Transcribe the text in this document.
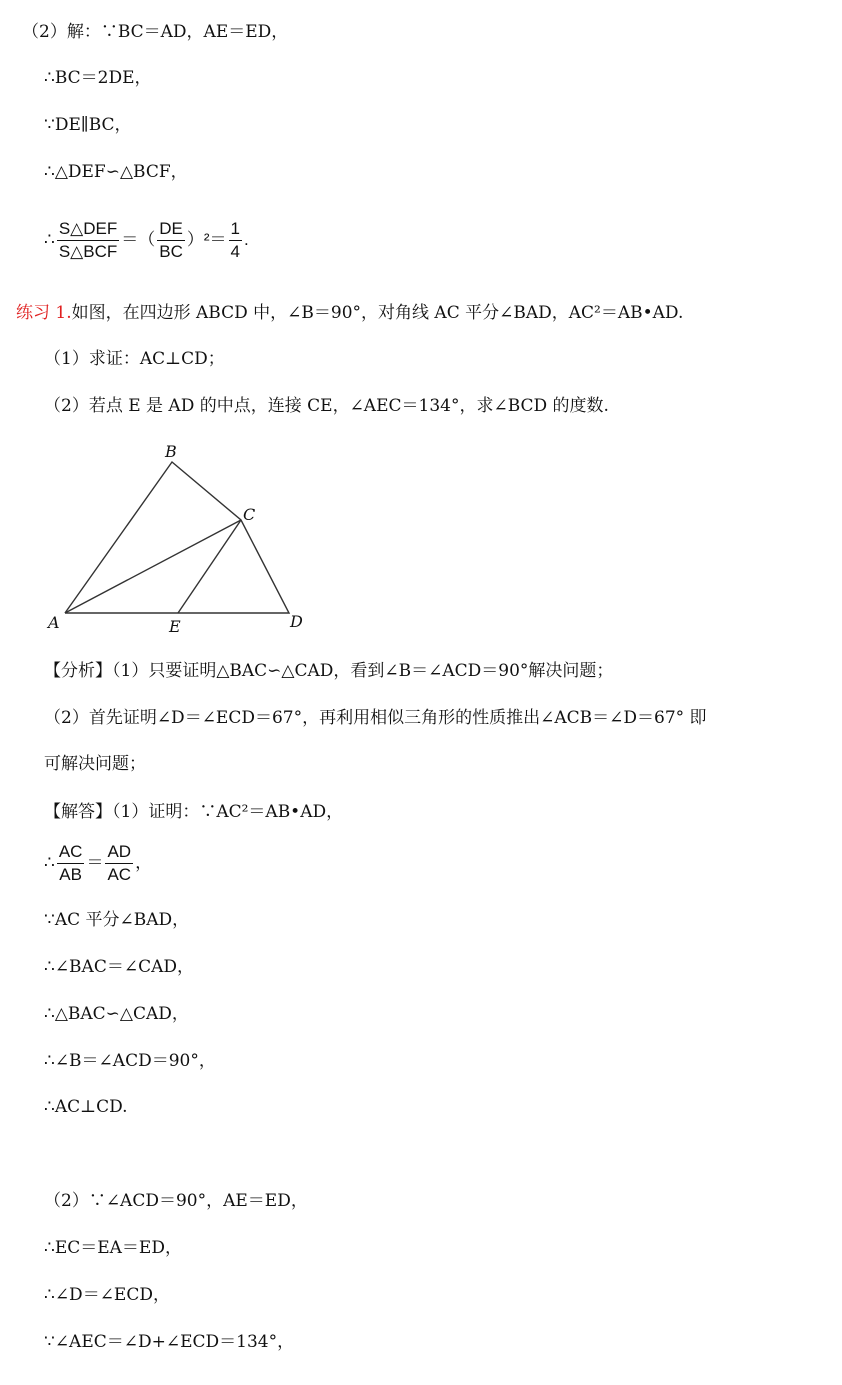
（2）解：∵BC＝AD，AE＝ED，
∴BC＝2DE，
∵DE∥BC，
∴△DEF∽△BCF，
∴ $\frac{\text{S△DEF}}{\text{S△BCF}}$ ＝（ $\frac{DE}{BC} )^2= \frac{1}{4}$ .
练习 1.如图，在四边形 ABCD 中，∠B＝90°，对角线 AC 平分∠BAD，AC²＝AB•AD.
（1）求证：AC⊥CD；
（2）若点 E 是 AD 的中点，连接 CE，∠AEC＝134°，求∠BCD 的度数.
B
C
A	E	D
【分析】（1）只要证明△BAC∽△CAD，看到∠B＝∠ACD＝90°解决问题；
（2）首先证明∠D＝∠ECD＝67°，再利用相似三角形的性质推出∠ACB＝∠D＝67° 即
可解决问题；
【解答】（1）证明：∵AC²＝AB•AD，
∴ $\frac{AC}{AB} = \frac{AD}{AC}$ ，
∵AC 平分∠BAD，
∴∠BAC＝∠CAD，
∴△BAC∽△CAD，
∴∠B＝∠ACD＝90°，
∴AC⊥CD.
（2）∵∠ACD＝90°，AE＝ED，
∴EC＝EA＝ED，
∴∠D＝∠ECD，
∵∠AEC＝∠D+∠ECD＝134°，
